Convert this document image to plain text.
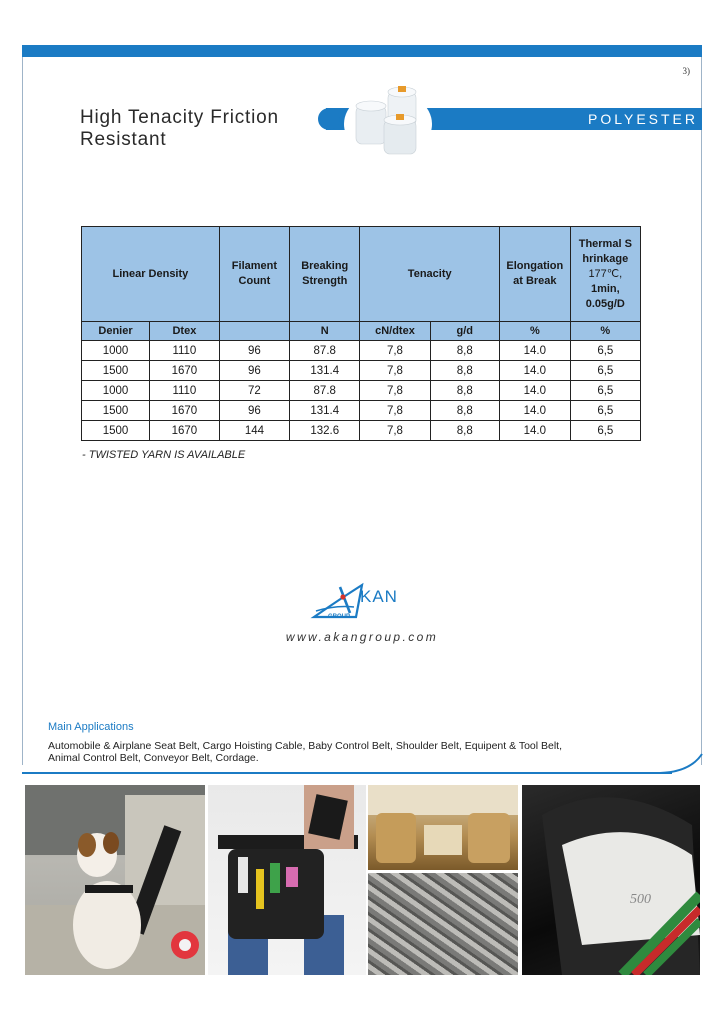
3)
High Tenacity Friction
Resistant
POLYESTER
Linear Density		Filament Count	Breaking Strength	Tenacity		Elongation at Break	Thermal S
hrinkage
177℃,
1min,
0.05g/D

Denier	Dtex		N	cN/dtex	g/d	%	%
1000	1110	96	87.8	7,8	8,8	14.0	6,5
1500	1670	96	131.4	7,8	8,8	14.0	6,5
1000	1110	72	87.8	7,8	8,8	14.0	6,5
1500	1670	96	131.4	7,8	8,8	14.0	6,5
1500	1670	144	132.6	7,8	8,8	14.0	6,5
- TWISTED YARN IS AVAILABLE
KAN
GROUP
www.akangroup.com
Main Applications
Automobile & Airplane Seat Belt, Cargo Hoisting Cable, Baby Control Belt, Shoulder Belt, Equipent & Tool Belt,
Animal Control Belt, Conveyor Belt, Cordage.
500
